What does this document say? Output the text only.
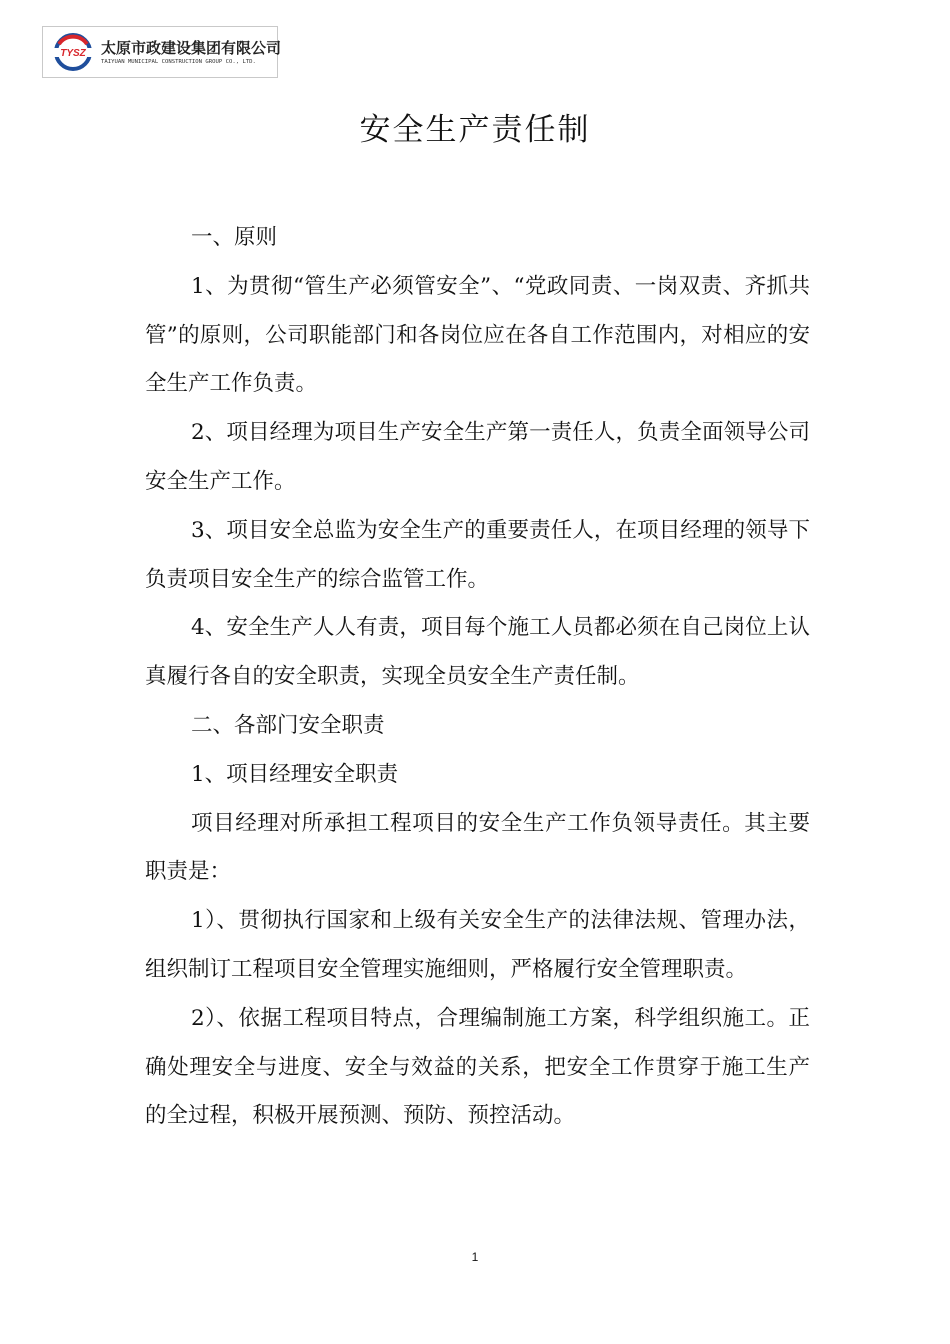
TYSZ 太原市政建设集团有限公司
TAIYUAN MUNICIPAL CONSTRUCTION GROUP CO., LTD.
安全生产责任制

一、原则

1、为贯彻“管生产必须管安全”、“党政同责、一岗双责、齐抓共管”的原则，公司职能部门和各岗位应在各自工作范围内，对相应的安全生产工作负责。

2、项目经理为项目生产安全生产第一责任人，负责全面领导公司安全生产工作。

3、项目安全总监为安全生产的重要责任人，在项目经理的领导下负责项目安全生产的综合监管工作。

4、安全生产人人有责，项目每个施工人员都必须在自己岗位上认真履行各自的安全职责，实现全员安全生产责任制。

二、各部门安全职责

1、项目经理安全职责

项目经理对所承担工程项目的安全生产工作负领导责任。其主要职责是：

1）、贯彻执行国家和上级有关安全生产的法律法规、管理办法，组织制订工程项目安全管理实施细则，严格履行安全管理职责。

2）、依据工程项目特点，合理编制施工方案，科学组织施工。正确处理安全与进度、安全与效益的关系，把安全工作贯穿于施工生产的全过程，积极开展预测、预防、预控活动。

1
